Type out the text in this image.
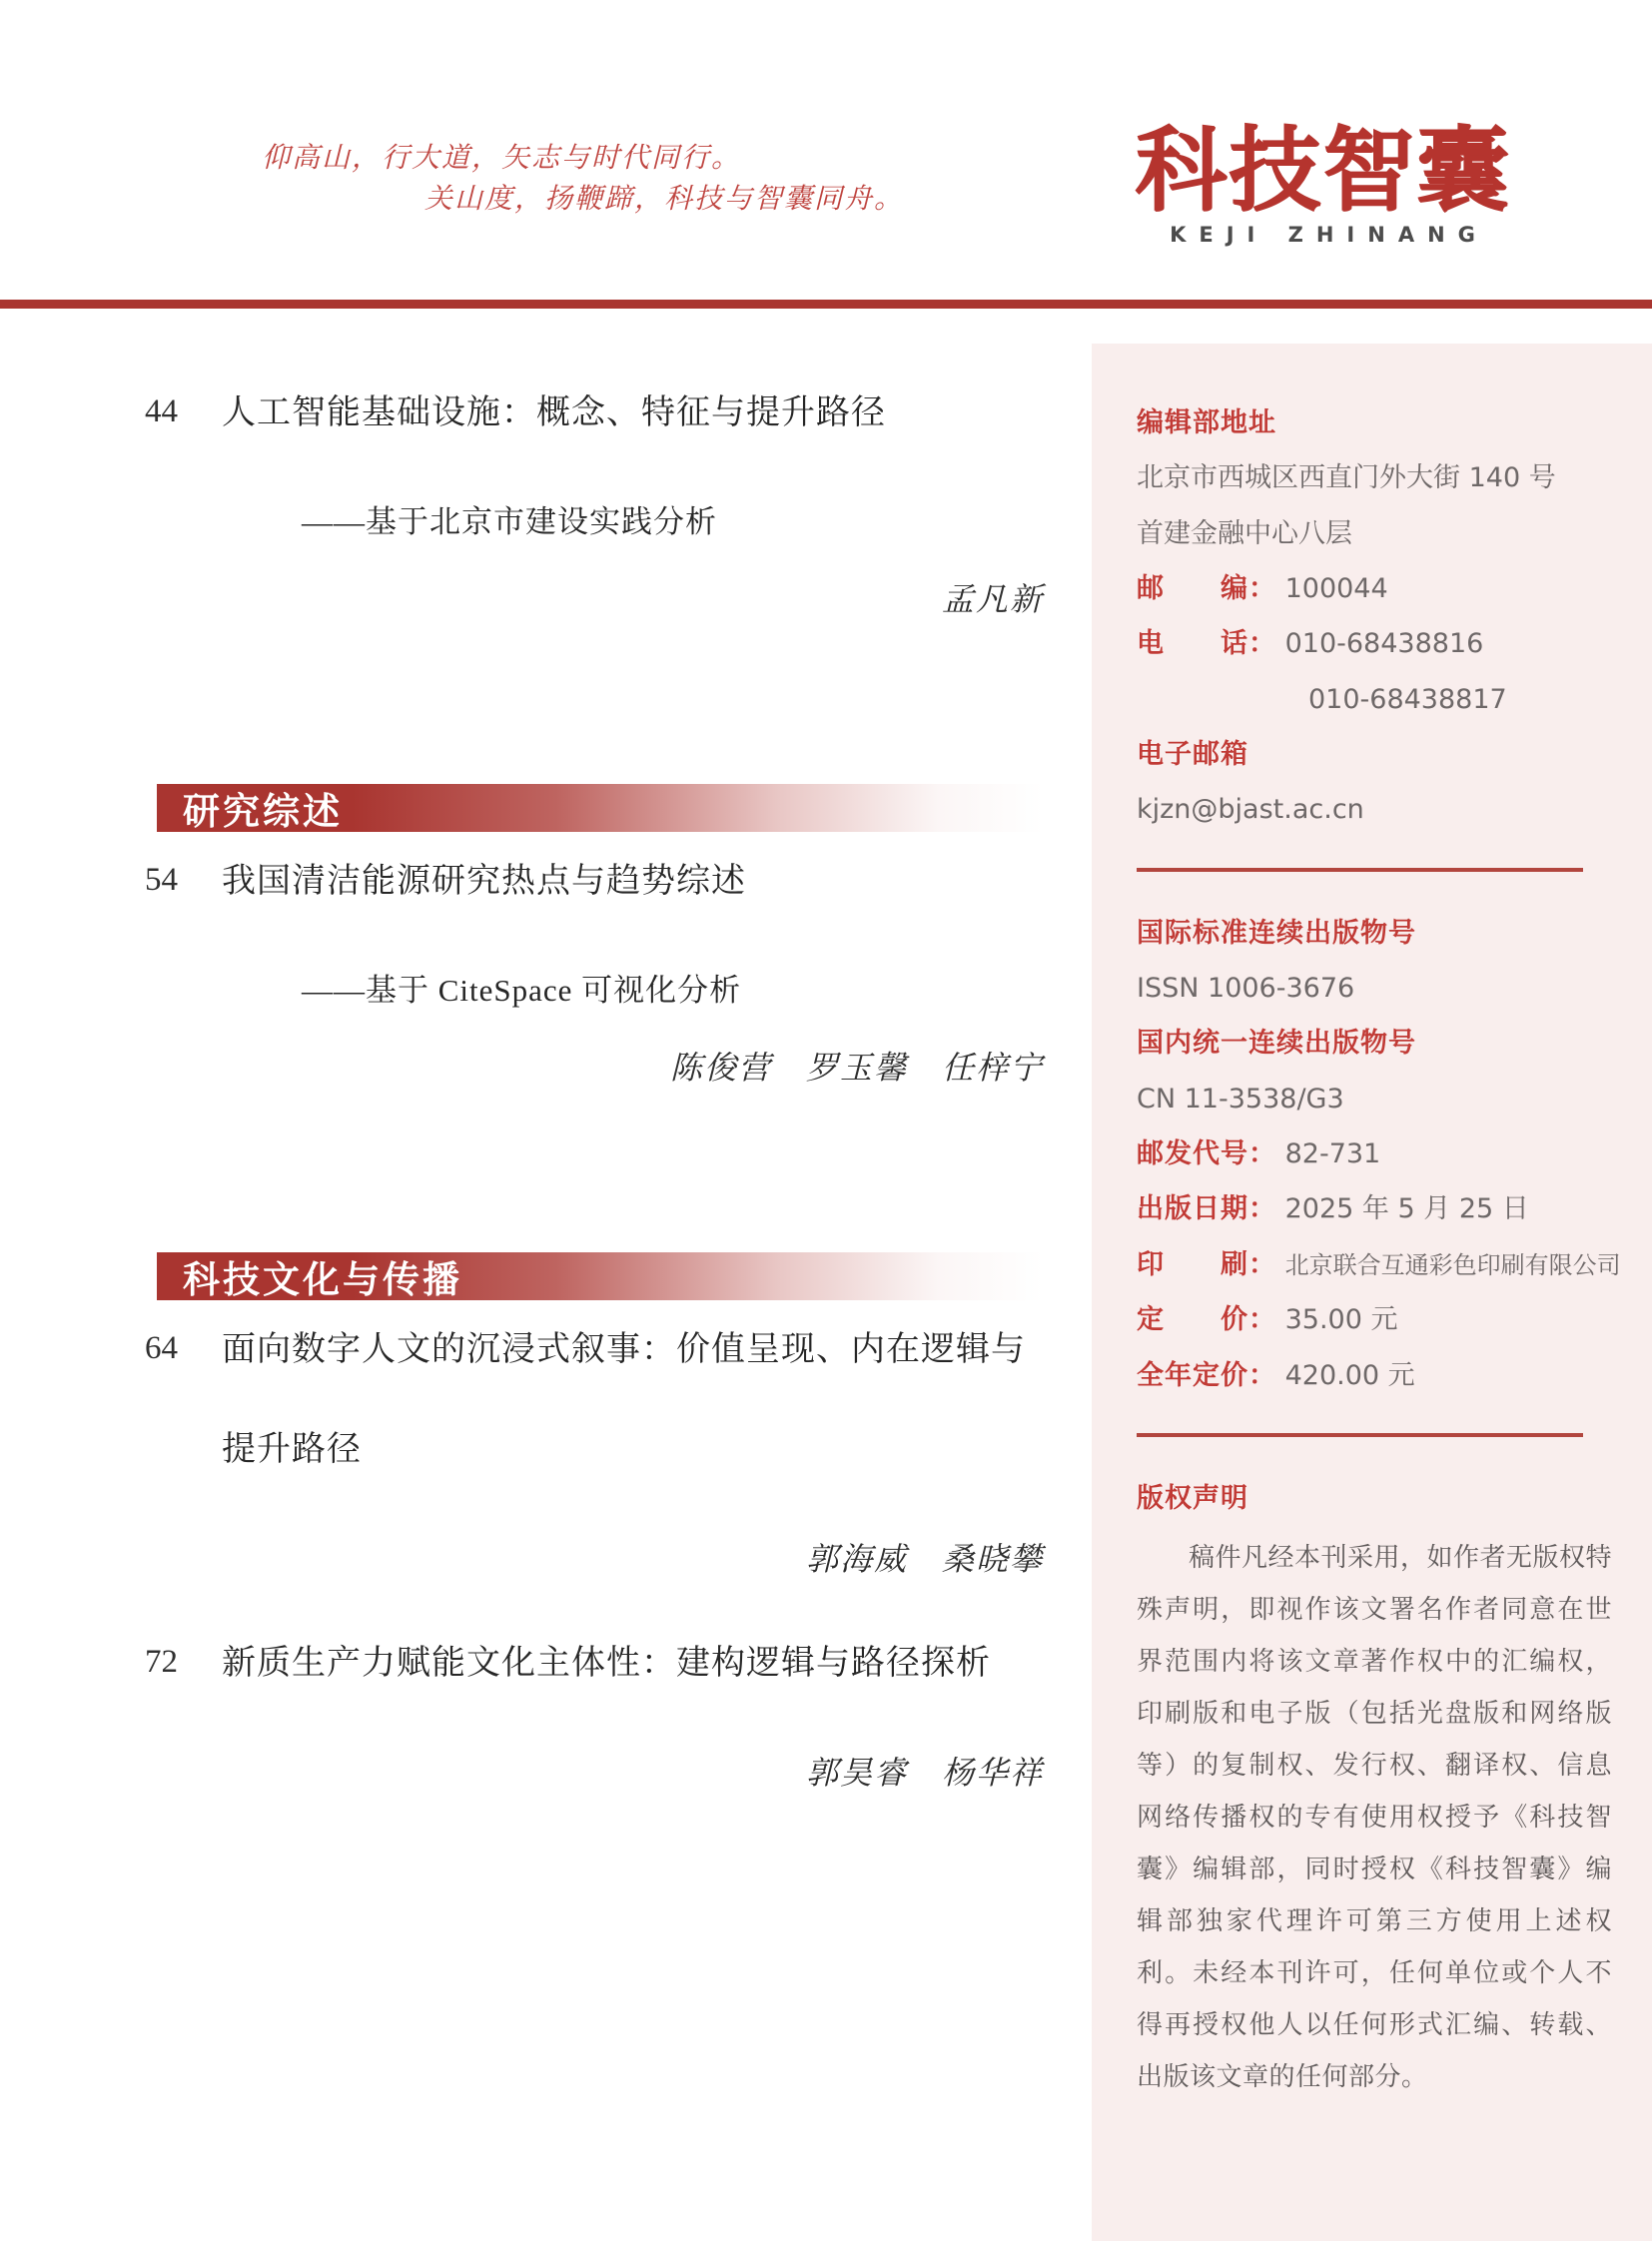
仰高山，行大道，矢志与时代同行。
关山度，扬鞭蹄，科技与智囊同舟。	科技智囊
KEJI ZHINANG
44	人工智能基础设施：概念、特征与提升路径
——基于北京市建设实践分析
孟凡新
研究综述
54	我国清洁能源研究热点与趋势综述
——基于 CiteSpace 可视化分析
陈俊营　罗玉馨　任梓宁
科技文化与传播
64	面向数字人文的沉浸式叙事：价值呈现、内在逻辑与提升路径
郭海威　桑晓攀
72	新质生产力赋能文化主体性：建构逻辑与路径探析
郭昊睿　杨华祥
编辑部地址
北京市西城区西直门外大街 140 号
首建金融中心八层
邮　　编： 100044
电　　话： 010-68438816
010-68438817
电子邮箱
kjzn@bjast.ac.cn
国际标准连续出版物号
ISSN 1006-3676
国内统一连续出版物号
CN 11-3538/G3
邮发代号： 82-731
出版日期： 2025 年 5 月 25 日
印　　刷： 北京联合互通彩色印刷有限公司
定　　价： 35.00 元
全年定价： 420.00 元
版权声明
稿件凡经本刊采用，如作者无版权特殊声明，即视作该文署名作者同意在世界范围内将该文章著作权中的汇编权，印刷版和电子版（包括光盘版和网络版等）的复制权、发行权、翻译权、信息网络传播权的专有使用权授予《科技智囊》编辑部，同时授权《科技智囊》编辑部独家代理许可第三方使用上述权利。未经本刊许可，任何单位或个人不得再授权他人以任何形式汇编、转载、出版该文章的任何部分。
